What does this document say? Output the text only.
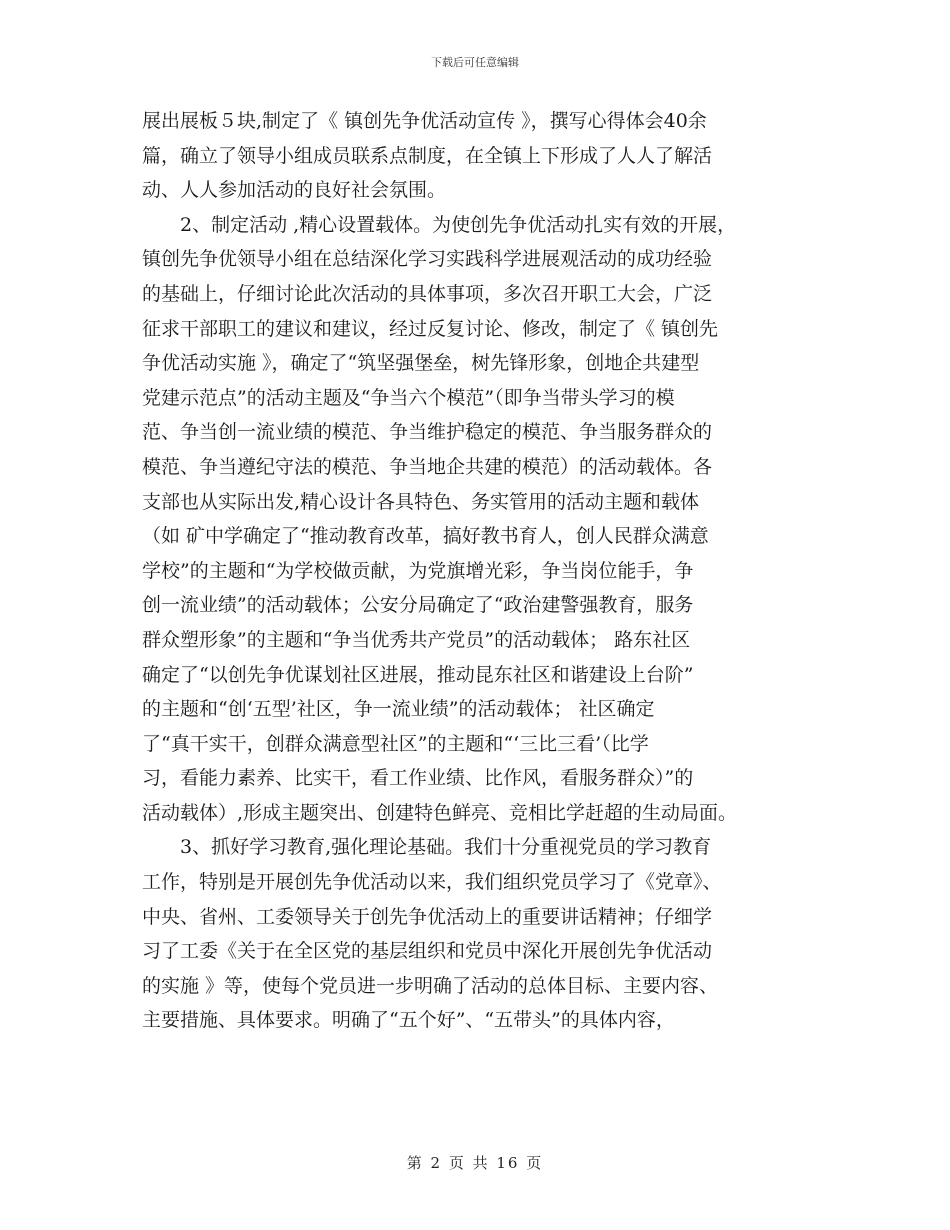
下载后可任意编辑
展出展板５块,制定了《 镇创先争优活动宣传 》，撰写心得体会40余
篇，确立了领导小组成员联系点制度，在全镇上下形成了人人了解活
动、人人参加活动的良好社会氛围。
2、制定活动 ,精心设置载体。为使创先争优活动扎实有效的开展，
镇创先争优领导小组在总结深化学习实践科学进展观活动的成功经验
的基础上，仔细讨论此次活动的具体事项，多次召开职工大会，广泛
征求干部职工的建议和建议，经过反复讨论、修改，制定了《 镇创先
争优活动实施 》，确定了“筑坚强堡垒，树先锋形象，创地企共建型
党建示范点”的活动主题及“争当六个模范”（即争当带头学习的模
范、争当创一流业绩的模范、争当维护稳定的模范、争当服务群众的
模范、争当遵纪守法的模范、争当地企共建的模范）的活动载体。各
支部也从实际出发,精心设计各具特色、务实管用的活动主题和载体
（如 矿中学确定了“推动教育改革，搞好教书育人，创人民群众满意
学校”的主题和“为学校做贡献，为党旗增光彩，争当岗位能手，争
创一流业绩”的活动载体；公安分局确定了“政治建警强教育，服务
群众塑形象”的主题和“争当优秀共产党员”的活动载体； 路东社区
确定了“以创先争优谋划社区进展，推动昆东社区和谐建设上台阶”
的主题和“创‘五型’社区，争一流业绩”的活动载体； 社区确定
了“真干实干，创群众满意型社区”的主题和“‘三比三看’（比学
习，看能力素养、比实干，看工作业绩、比作风，看服务群众）”的
活动载体）,形成主题突出、创建特色鲜亮、竞相比学赶超的生动局面。
3、抓好学习教育,强化理论基础。我们十分重视党员的学习教育
工作，特别是开展创先争优活动以来，我们组织党员学习了《党章》、
中央、省州、工委领导关于创先争优活动上的重要讲话精神；仔细学
习了工委《关于在全区党的基层组织和党员中深化开展创先争优活动
的实施 》等，使每个党员进一步明确了活动的总体目标、主要内容、
主要措施、具体要求。明确了“五个好”、“五带头”的具体内容，
第 2 页 共 16 页
